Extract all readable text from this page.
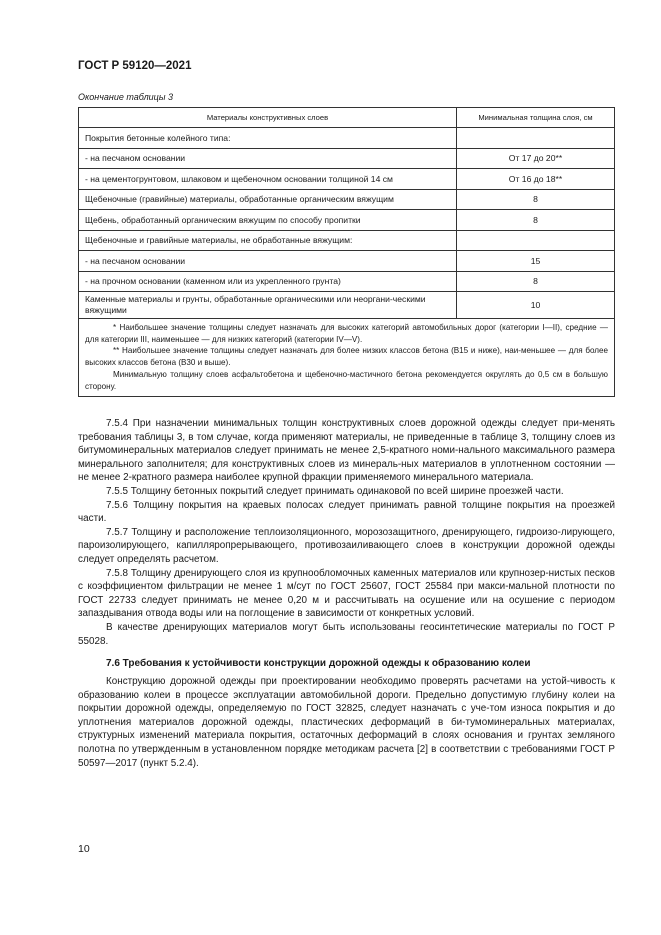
ГОСТ Р 59120—2021
Окончание таблицы 3
Материалы конструктивных слоев	Минимальная толщина слоя, см
Покрытия бетонные колейного типа:	
- на песчаном основании	От 17 до 20**
- на цементогрунтовом, шлаковом и щебеночном основании толщиной 14 см	От 16 до 18**
Щебеночные (гравийные) материалы, обработанные органическим вяжущим	8
Щебень, обработанный органическим вяжущим по способу пропитки	8
Щебеночные и гравийные материалы, не обработанные вяжущим:	
- на песчаном основании	15
- на прочном основании (каменном или из укрепленного грунта)	8
Каменные материалы и грунты, обработанные органическими или неоргани-ческими вяжущими	10

* Наибольшее значение толщины следует назначать для высоких категорий автомобильных дорог (категории I—II), средние — для категории III, наименьшее — для низких категорий (категории IV—V).
** Наибольшее значение толщины следует назначать для более низких классов бетона (B15 и ниже), наи-меньшее — для более высоких классов бетона (B30 и выше).
Минимальную толщину слоев асфальтобетона и щебеночно-мастичного бетона рекомендуется округлять до 0,5 см в большую сторону.	

7.5.4 При назначении минимальных толщин конструктивных слоев дорожной одежды следует при-менять требования таблицы 3, в том случае, когда применяют материалы, не приведенные в таблице 3, толщину слоев из битумоминеральных материалов следует принимать не менее 2,5-кратного номи-нального максимального размера минерального заполнителя; для конструктивных слоев из минераль-ных материалов в уплотненном состоянии — не менее 2-кратного размера наиболее крупной фракции применяемого минерального материала.

7.5.5 Толщину бетонных покрытий следует принимать одинаковой по всей ширине проезжей части.

7.5.6 Толщину покрытия на краевых полосах следует принимать равной толщине покрытия на проезжей части.

7.5.7 Толщину и расположение теплоизоляционного, морозозащитного, дренирующего, гидроизо-лирующего, пароизолирующего, капилляропрерывающего, противозаиливающего слоев в конструкции дорожной одежды следует определять расчетом.

7.5.8 Толщину дренирующего слоя из крупнообломочных каменных материалов или крупнозер-нистых песков с коэффициентом фильтрации не менее 1 м/сут по ГОСТ 25607, ГОСТ 25584 при макси-мальной плотности по ГОСТ 22733 следует принимать не менее 0,20 м и рассчитывать на осушение или на осушение с периодом запаздывания отвода воды или на поглощение в зависимости от конкретных условий.

В качестве дренирующих материалов могут быть использованы геосинтетические материалы по ГОСТ Р 55028.

7.6 Требования к устойчивости конструкции дорожной одежды к образованию колеи

Конструкцию дорожной одежды при проектировании необходимо проверять расчетами на устой-чивость к образованию колеи в процессе эксплуатации автомобильной дороги. Предельно допустимую глубину колеи на покрытии дорожной одежды, определяемую по ГОСТ 32825, следует назначать с уче-том износа покрытия и до уплотнения материалов дорожной одежды, пластических деформаций в би-тумоминеральных материалах, структурных изменений материала покрытия, остаточных деформаций в слоях основания и грунтах земляного полотна по утвержденным в установленном порядке методикам расчета [2] в соответствии с требованиями ГОСТ Р 50597—2017 (пункт 5.2.4).

10
